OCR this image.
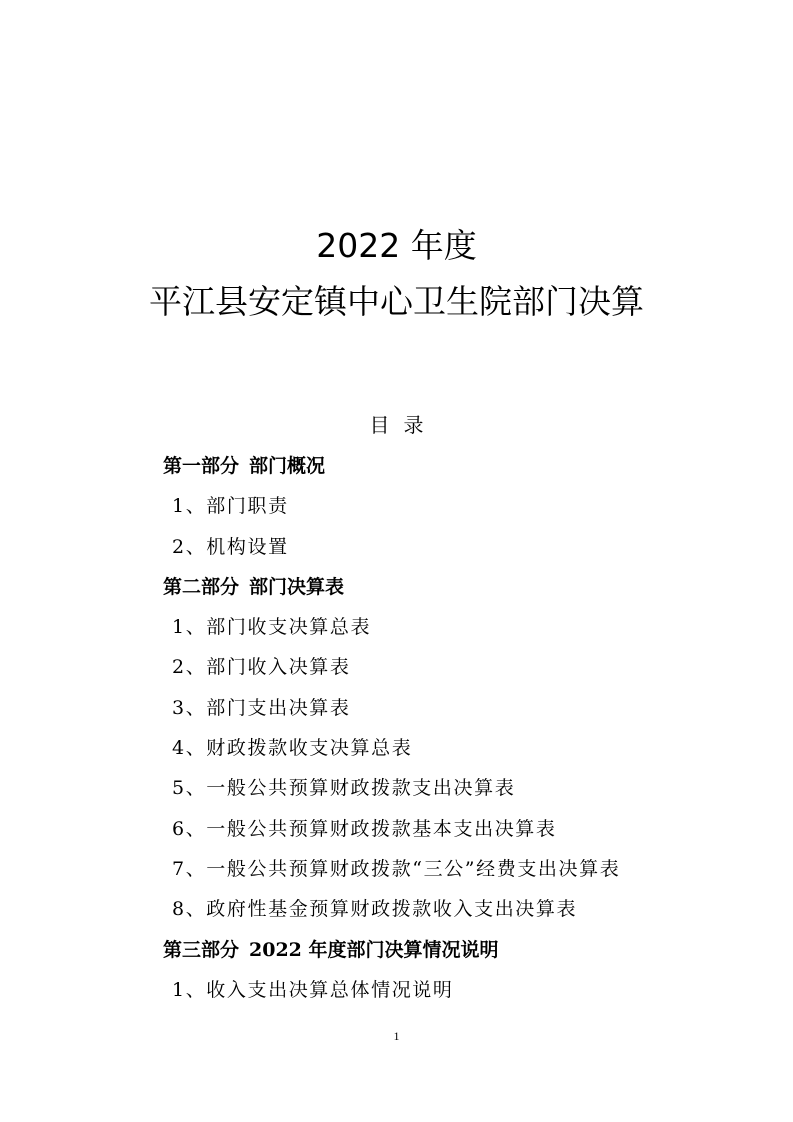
2022 年度
平江县安定镇中心卫生院部门决算
目 录
第一部分 部门概况
1、部门职责
2、机构设置
第二部分 部门决算表
1、部门收支决算总表
2、部门收入决算表
3、部门支出决算表
4、财政拨款收支决算总表
5、一般公共预算财政拨款支出决算表
6、一般公共预算财政拨款基本支出决算表
7、一般公共预算财政拨款“三公”经费支出决算表
8、政府性基金预算财政拨款收入支出决算表
第三部分 2022 年度部门决算情况说明
1、收入支出决算总体情况说明
1
